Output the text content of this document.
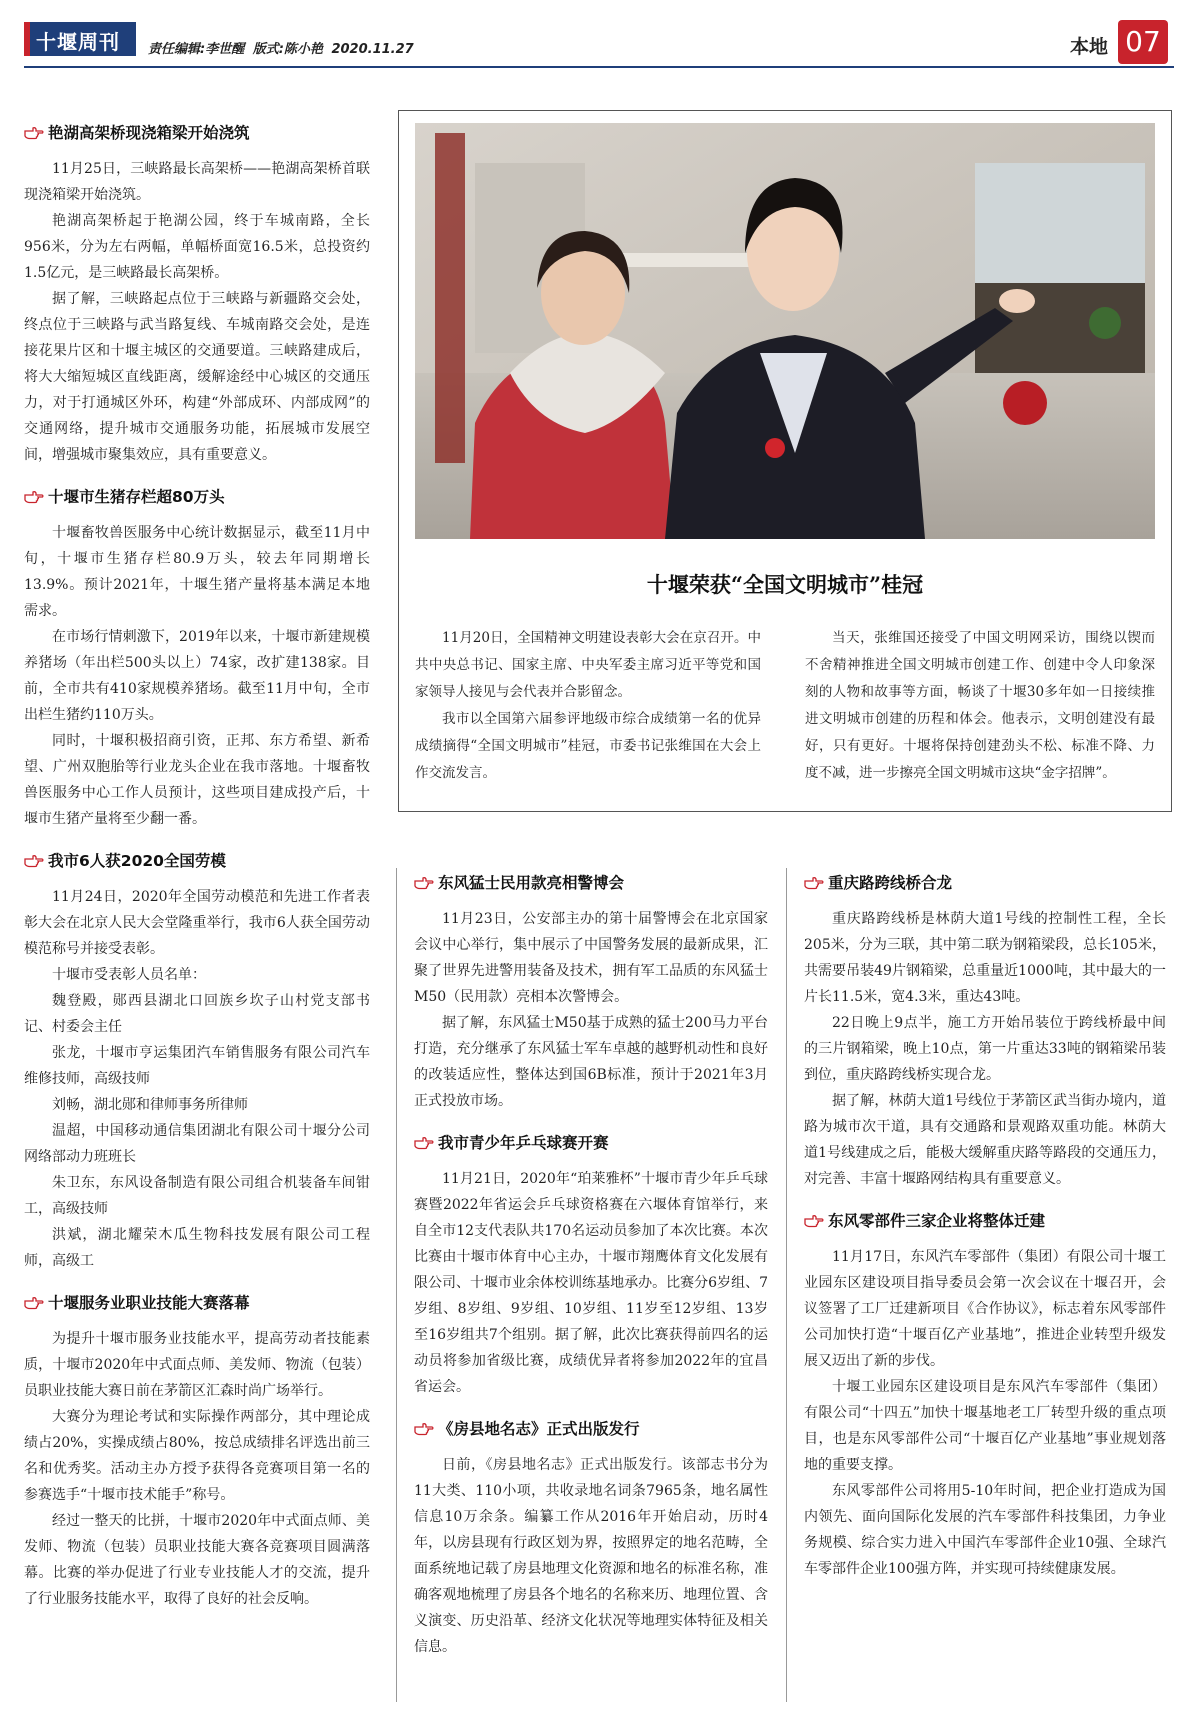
十堰周刊 责任编辑:李世醒 版式:陈小艳 2020.11.27	本地 07
艳湖高架桥现浇箱梁开始浇筑

11月25日，三峡路最长高架桥——艳湖高架桥首联现浇箱梁开始浇筑。

艳湖高架桥起于艳湖公园，终于车城南路，全长956米，分为左右两幅，单幅桥面宽16.5米，总投资约1.5亿元，是三峡路最长高架桥。

据了解，三峡路起点位于三峡路与新疆路交会处，终点位于三峡路与武当路复线、车城南路交会处，是连接花果片区和十堰主城区的交通要道。三峡路建成后，将大大缩短城区直线距离，缓解途经中心城区的交通压力，对于打通城区外环，构建“外部成环、内部成网”的交通网络，提升城市交通服务功能，拓展城市发展空间，增强城市聚集效应，具有重要意义。

十堰市生猪存栏超80万头

十堰畜牧兽医服务中心统计数据显示，截至11月中旬，十堰市生猪存栏80.9万头，较去年同期增长13.9%。预计2021年，十堰生猪产量将基本满足本地需求。

在市场行情刺激下，2019年以来，十堰市新建规模养猪场（年出栏500头以上）74家，改扩建138家。目前，全市共有410家规模养猪场。截至11月中旬，全市出栏生猪约110万头。

同时，十堰积极招商引资，正邦、东方希望、新希望、广州双胞胎等行业龙头企业在我市落地。十堰畜牧兽医服务中心工作人员预计，这些项目建成投产后，十堰市生猪产量将至少翻一番。

我市6人获2020全国劳模

11月24日，2020年全国劳动模范和先进工作者表彰大会在北京人民大会堂隆重举行，我市6人获全国劳动模范称号并接受表彰。

十堰市受表彰人员名单：

魏登殿，郧西县湖北口回族乡坎子山村党支部书记、村委会主任

张龙，十堰市亨运集团汽车销售服务有限公司汽车维修技师，高级技师

刘畅，湖北郧和律师事务所律师

温超，中国移动通信集团湖北有限公司十堰分公司网络部动力班班长

朱卫东，东风设备制造有限公司组合机装备车间钳工，高级技师

洪斌，湖北耀荣木瓜生物科技发展有限公司工程师，高级工

十堰服务业职业技能大赛落幕

为提升十堰市服务业技能水平，提高劳动者技能素质，十堰市2020年中式面点师、美发师、物流（包装）员职业技能大赛日前在茅箭区汇森时尚广场举行。

大赛分为理论考试和实际操作两部分，其中理论成绩占20%，实操成绩占80%，按总成绩排名评选出前三名和优秀奖。活动主办方授予获得各竞赛项目第一名的参赛选手“十堰市技术能手”称号。

经过一整天的比拼，十堰市2020年中式面点师、美发师、物流（包装）员职业技能大赛各竞赛项目圆满落幕。比赛的举办促进了行业专业技能人才的交流，提升了行业服务技能水平，取得了良好的社会反响。

十堰荣获“全国文明城市”桂冠

11月20日，全国精神文明建设表彰大会在京召开。中共中央总书记、国家主席、中央军委主席习近平等党和国家领导人接见与会代表并合影留念。

我市以全国第六届参评地级市综合成绩第一名的优异成绩摘得“全国文明城市”桂冠，市委书记张维国在大会上作交流发言。

当天，张维国还接受了中国文明网采访，围绕以锲而不舍精神推进全国文明城市创建工作、创建中令人印象深刻的人物和故事等方面，畅谈了十堰30多年如一日接续推进文明城市创建的历程和体会。他表示，文明创建没有最好，只有更好。十堰将保持创建劲头不松、标准不降、力度不减，进一步擦亮全国文明城市这块“金字招牌”。

东风猛士民用款亮相警博会

11月23日，公安部主办的第十届警博会在北京国家会议中心举行，集中展示了中国警务发展的最新成果，汇聚了世界先进警用装备及技术，拥有军工品质的东风猛士M50（民用款）亮相本次警博会。

据了解，东风猛士M50基于成熟的猛士200马力平台打造，充分继承了东风猛士军车卓越的越野机动性和良好的改装适应性，整体达到国6B标准，预计于2021年3月正式投放市场。

我市青少年乒乓球赛开赛

11月21日，2020年“珀莱雅杯”十堰市青少年乒乓球赛暨2022年省运会乒乓球资格赛在六堰体育馆举行，来自全市12支代表队共170名运动员参加了本次比赛。本次比赛由十堰市体育中心主办，十堰市翔鹰体育文化发展有限公司、十堰市业余体校训练基地承办。比赛分6岁组、7岁组、8岁组、9岁组、10岁组、11岁至12岁组、13岁至16岁组共7个组别。据了解，此次比赛获得前四名的运动员将参加省级比赛，成绩优异者将参加2022年的宜昌省运会。

《房县地名志》正式出版发行

日前，《房县地名志》正式出版发行。该部志书分为11大类、110小项，共收录地名词条7965条，地名属性信息10万余条。编纂工作从2016年开始启动，历时4年，以房县现有行政区划为界，按照界定的地名范畴，全面系统地记载了房县地理文化资源和地名的标准名称，准确客观地梳理了房县各个地名的名称来历、地理位置、含义演变、历史沿革、经济文化状况等地理实体特征及相关信息。

重庆路跨线桥合龙

重庆路跨线桥是林荫大道1号线的控制性工程，全长205米，分为三联，其中第二联为钢箱梁段，总长105米，共需要吊装49片钢箱梁，总重量近1000吨，其中最大的一片长11.5米，宽4.3米，重达43吨。

22日晚上9点半，施工方开始吊装位于跨线桥最中间的三片钢箱梁，晚上10点，第一片重达33吨的钢箱梁吊装到位，重庆路跨线桥实现合龙。

据了解，林荫大道1号线位于茅箭区武当街办境内，道路为城市次干道，具有交通路和景观路双重功能。林荫大道1号线建成之后，能极大缓解重庆路等路段的交通压力，对完善、丰富十堰路网结构具有重要意义。

东风零部件三家企业将整体迁建

11月17日，东风汽车零部件（集团）有限公司十堰工业园东区建设项目指导委员会第一次会议在十堰召开，会议签署了工厂迁建新项目《合作协议》，标志着东风零部件公司加快打造“十堰百亿产业基地”，推进企业转型升级发展又迈出了新的步伐。

十堰工业园东区建设项目是东风汽车零部件（集团）有限公司“十四五”加快十堰基地老工厂转型升级的重点项目，也是东风零部件公司“十堰百亿产业基地”事业规划落地的重要支撑。

东风零部件公司将用5-10年时间，把企业打造成为国内领先、面向国际化发展的汽车零部件科技集团，力争业务规模、综合实力进入中国汽车零部件企业10强、全球汽车零部件企业100强方阵，并实现可持续健康发展。
